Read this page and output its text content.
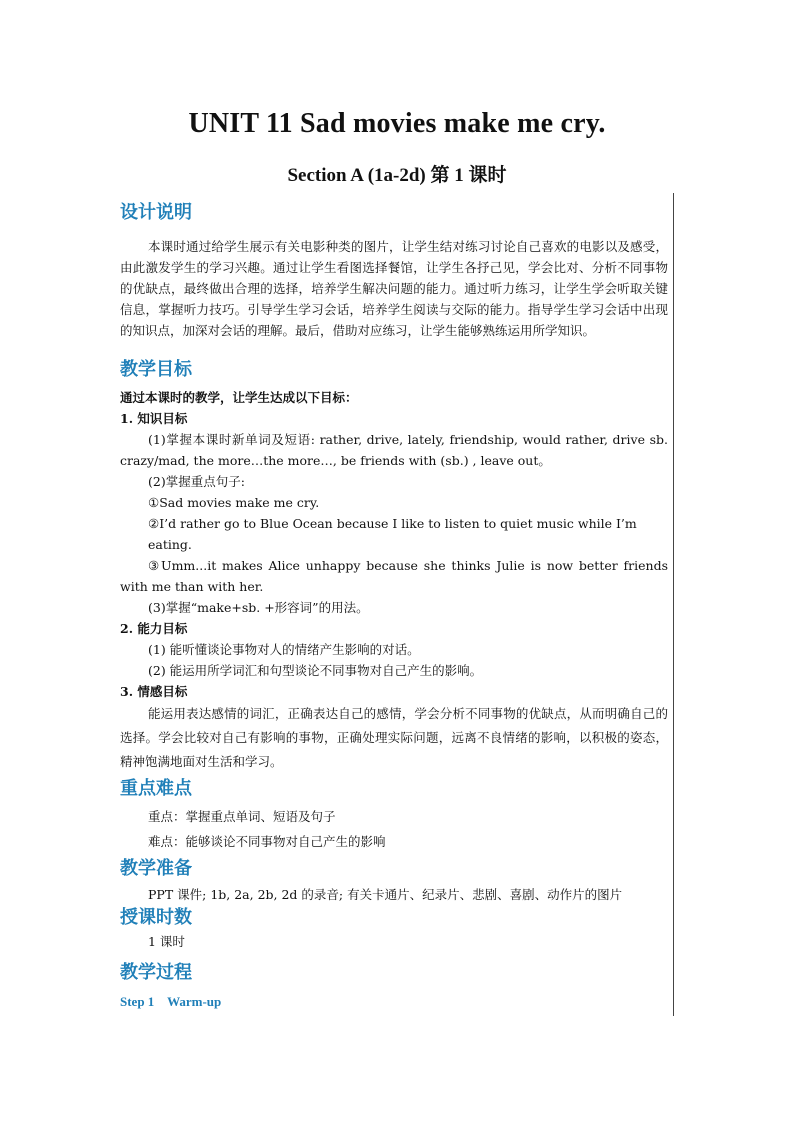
UNIT 11 Sad movies make me cry.
Section A (1a-2d) 第 1 课时

设计说明

本课时通过给学生展示有关电影种类的图片，让学生结对练习讨论自己喜欢的电影以及感受，由此激发学生的学习兴趣。通过让学生看图选择餐馆，让学生各抒己见，学会比对、分析不同事物的优缺点，最终做出合理的选择，培养学生解决问题的能力。通过听力练习，让学生学会听取关键信息，掌握听力技巧。引导学生学习会话，培养学生阅读与交际的能力。指导学生学习会话中出现的知识点，加深对会话的理解。最后，借助对应练习，让学生能够熟练运用所学知识。

教学目标

通过本课时的教学，让学生达成以下目标：

1. 知识目标

(1)掌握本课时新单词及短语: rather, drive, lately, friendship, would rather, drive sb. crazy/mad, the more…the more…, be friends with (sb.) , leave out。

(2)掌握重点句子:

①Sad movies make me cry.

②I’d rather go to Blue Ocean because I like to listen to quiet music while I’m eating.

③Umm...it makes Alice unhappy because she thinks Julie is now better friends with me than with her.

(3)掌握“make+sb. +形容词”的用法。

2. 能力目标

(1) 能听懂谈论事物对人的情绪产生影响的对话。

(2) 能运用所学词汇和句型谈论不同事物对自己产生的影响。

3. 情感目标

能运用表达感情的词汇，正确表达自己的感情，学会分析不同事物的优缺点，从而明确自己的选择。学会比较对自己有影响的事物，正确处理实际问题，远离不良情绪的影响，以积极的姿态，精神饱满地面对生活和学习。

重点难点

重点：掌握重点单词、短语及句子

难点：能够谈论不同事物对自己产生的影响

教学准备

PPT 课件; 1b, 2a, 2b, 2d 的录音; 有关卡通片、纪录片、悲剧、喜剧、动作片的图片

授课时数

1 课时

教学过程

Step 1    Warm-up
